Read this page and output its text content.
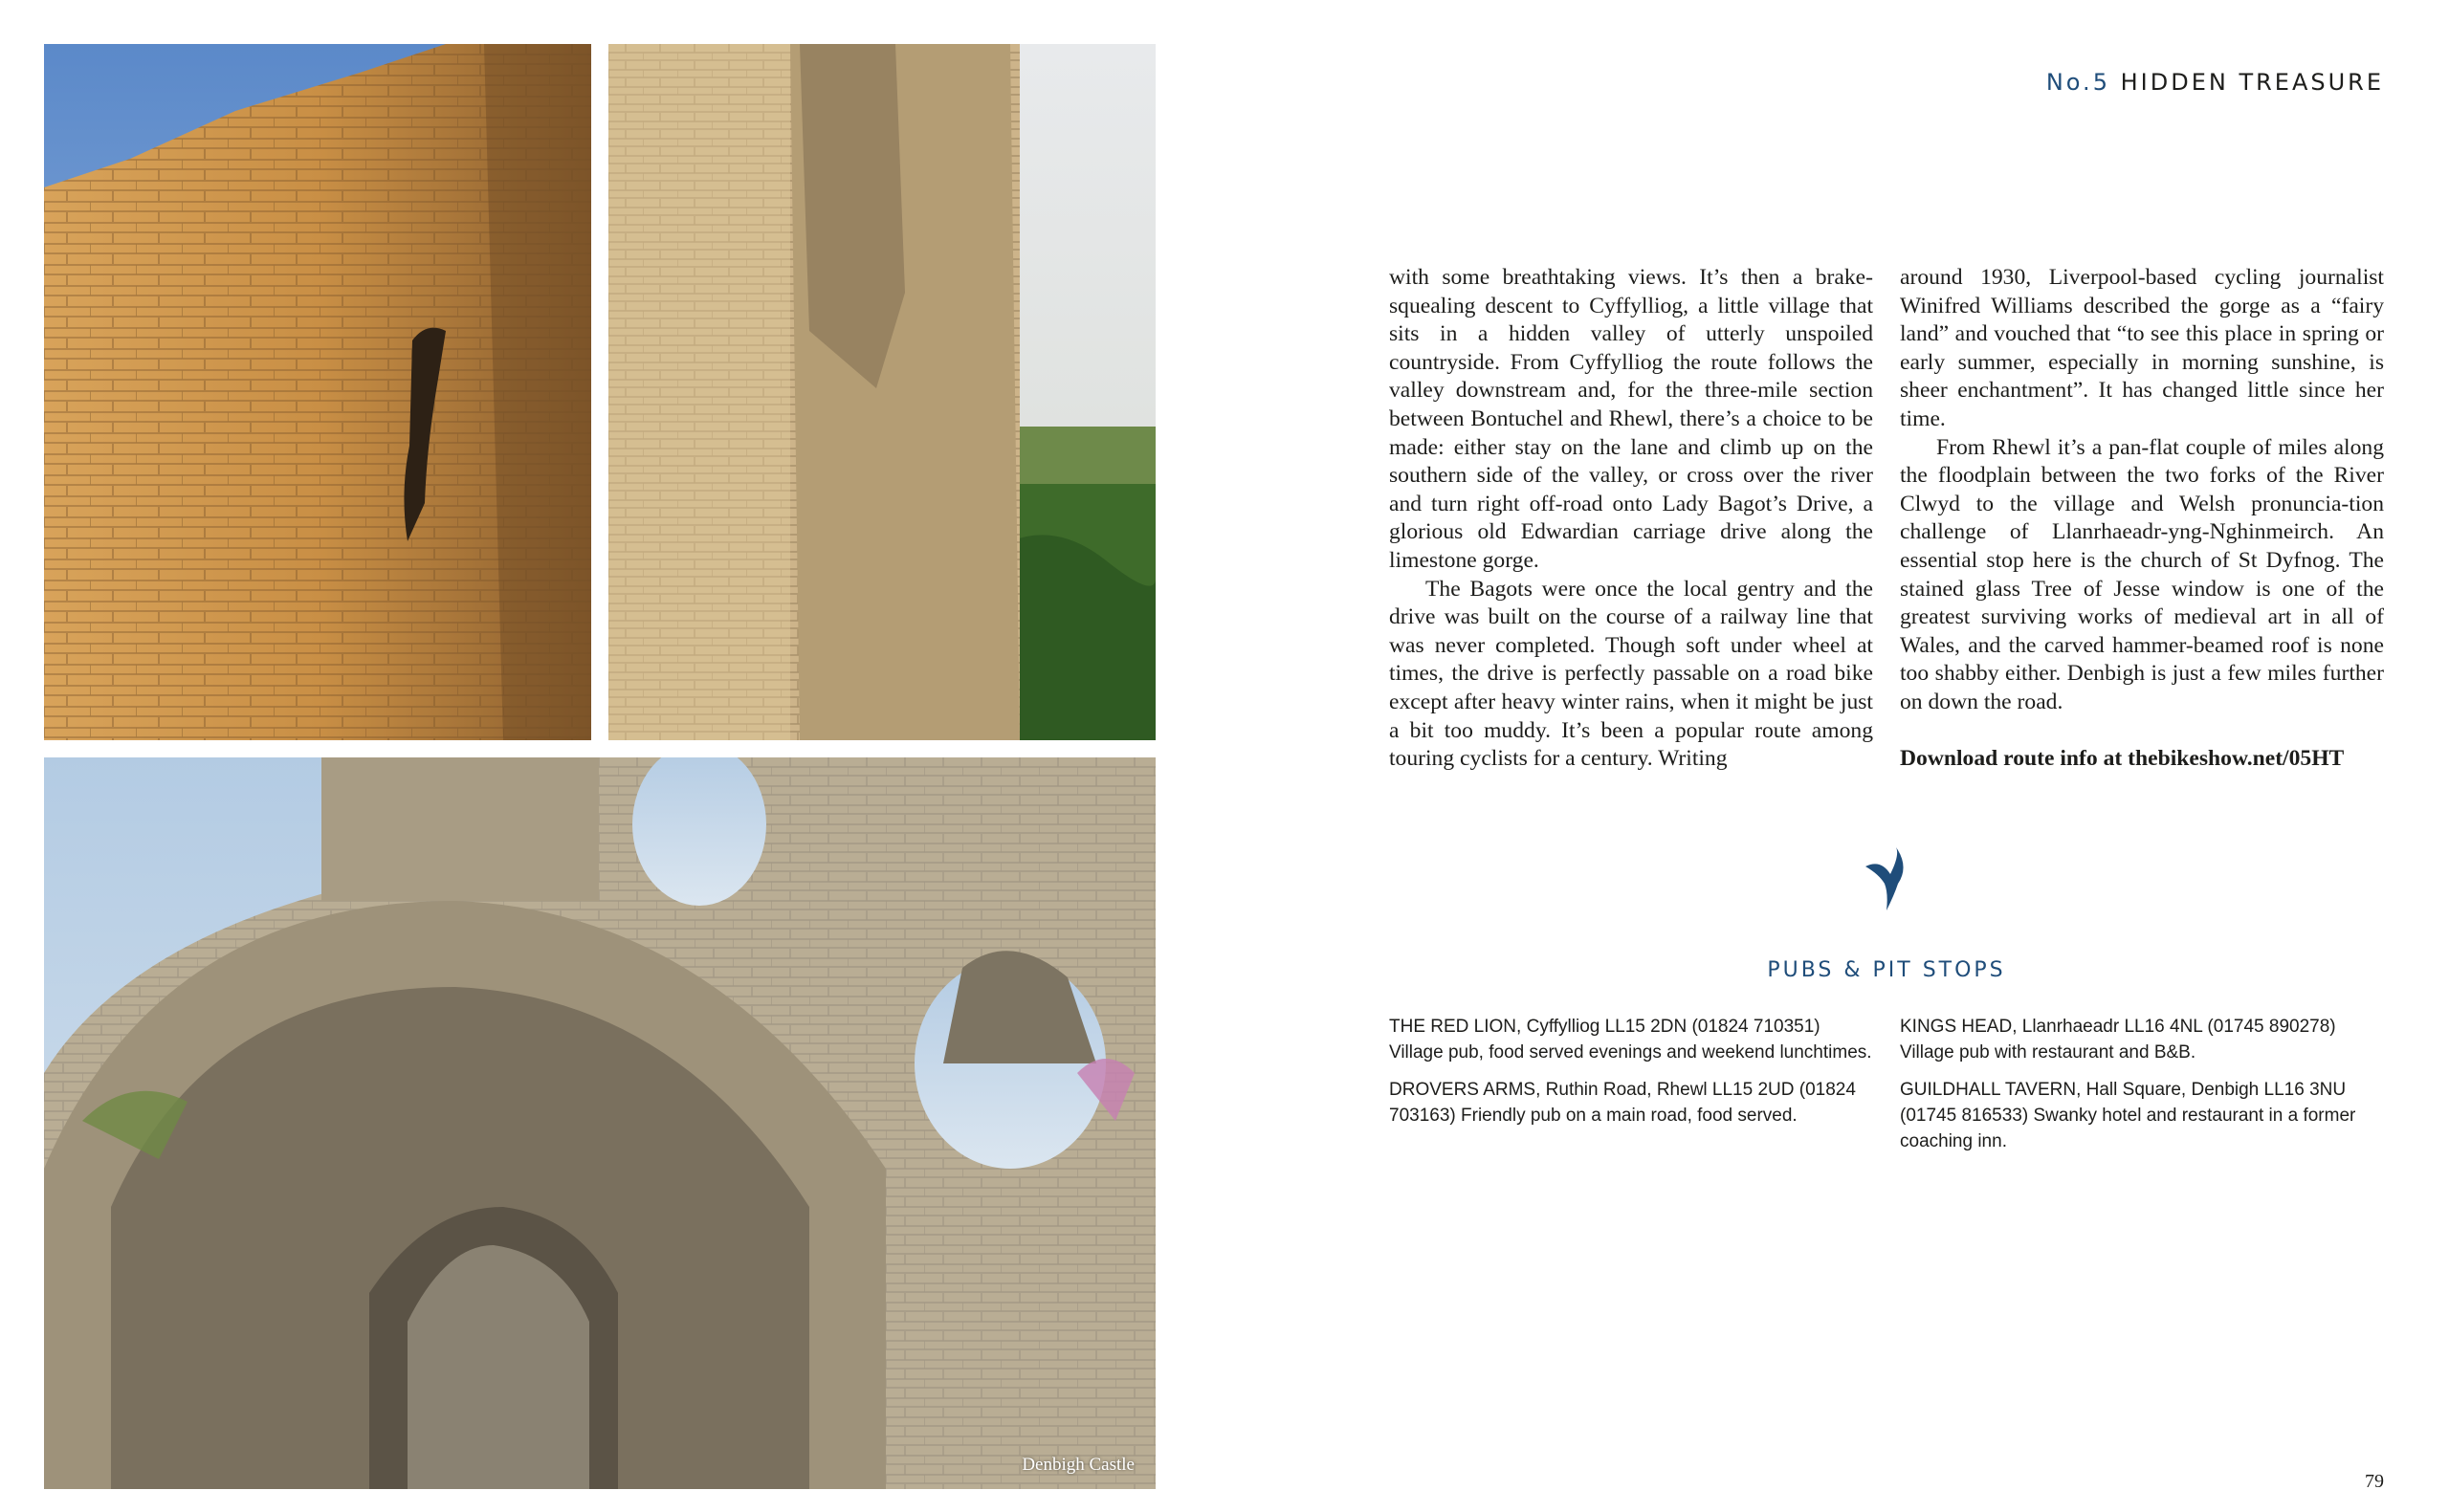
Denbigh Castle
No.5 HIDDEN TREASURE

with some breathtaking views. It’s then a brake-squealing descent to Cyffylliog, a little village that sits in a hidden valley of utterly unspoiled countryside. From Cyffylliog the route follows the valley downstream and, for the three-mile section between Bontuchel and Rhewl, there’s a choice to be made: either stay on the lane and climb up on the southern side of the valley, or cross over the river and turn right off-road onto Lady Bagot’s Drive, a glorious old Edwardian carriage drive along the limestone gorge.

The Bagots were once the local gentry and the drive was built on the course of a railway line that was never completed. Though soft under wheel at times, the drive is perfectly passable on a road bike except after heavy winter rains, when it might be just a bit too muddy. It’s been a popular route among touring cyclists for a century. Writing

around 1930, Liverpool-based cycling journalist Winifred Williams described the gorge as a “fairy land” and vouched that “to see this place in spring or early summer, especially in morning sunshine, is sheer enchantment”. It has changed little since her time.

From Rhewl it’s a pan-flat couple of miles along the floodplain between the two forks of the River Clwyd to the village and Welsh pronuncia-tion challenge of Llanrhaeadr-yng-Nghinmeirch. An essential stop here is the church of St Dyfnog. The stained glass Tree of Jesse window is one of the greatest surviving works of medieval art in all of Wales, and the carved hammer-beamed roof is none too shabby either. Denbigh is just a few miles further on down the road.

Download route info at thebikeshow.net/05HT

PUBS & PIT STOPS
THE RED LION, Cyffylliog LL15 2DN (01824 710351) Village pub, food served evenings and weekend lunchtimes.
DROVERS ARMS, Ruthin Road, Rhewl LL15 2UD (01824 703163) Friendly pub on a main road, food served.
KINGS HEAD, Llanrhaeadr LL16 4NL (01745 890278) Village pub with restaurant and B&B.
GUILDHALL TAVERN, Hall Square, Denbigh LL16 3NU (01745 816533) Swanky hotel and restaurant in a former coaching inn.
79
